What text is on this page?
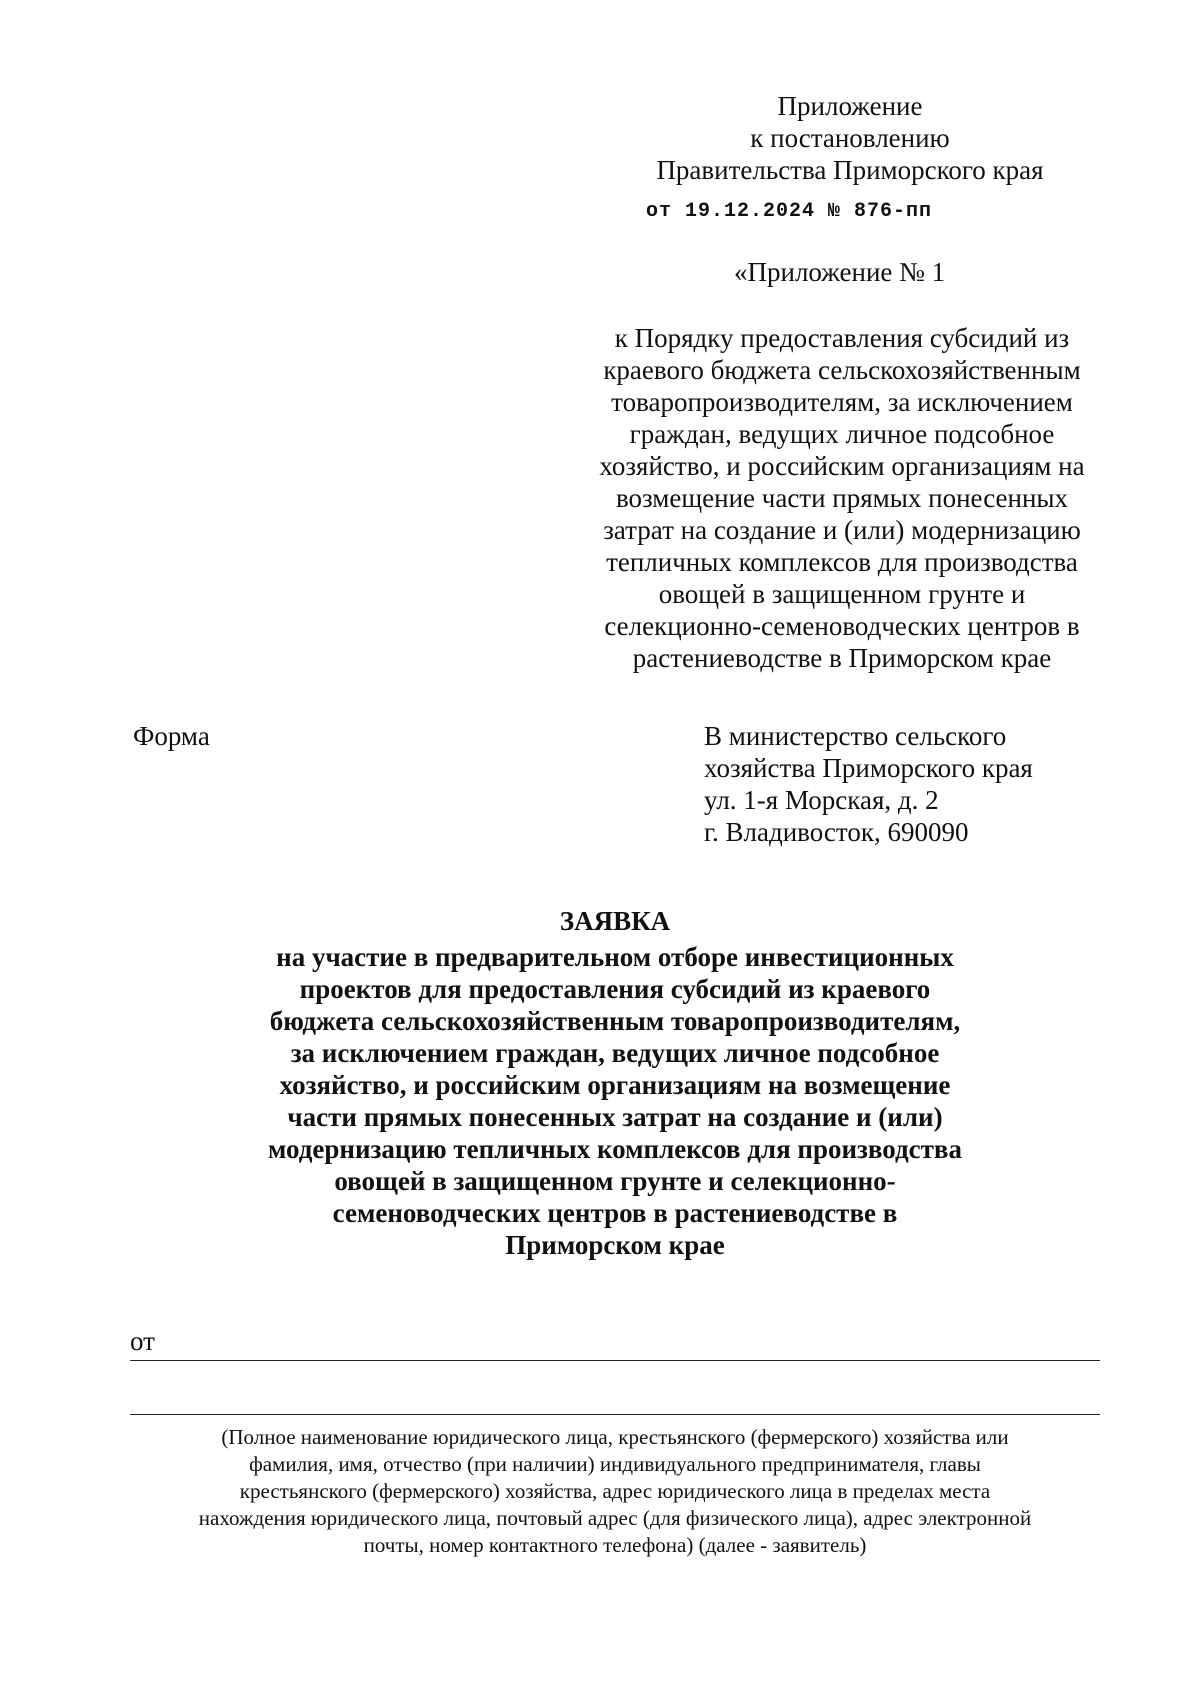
Приложение
к постановлению
Правительства Приморского края
от 19.12.2024 № 876-пп
«Приложение № 1
к Порядку предоставления субсидий из
краевого бюджета сельскохозяйственным
товаропроизводителям, за исключением
граждан, ведущих личное подсобное
хозяйство, и российским организациям на
возмещение части прямых понесенных
затрат на создание и (или) модернизацию
тепличных комплексов для производства
овощей в защищенном грунте и
селекционно-семеноводческих центров в
растениеводстве в Приморском крае
Форма	В министерство сельского
хозяйства Приморского края
ул. 1-я Морская, д. 2
г. Владивосток, 690090
ЗАЯВКА
на участие в предварительном отборе инвестиционных
проектов для предоставления субсидий из краевого
бюджета сельскохозяйственным товаропроизводителям,
за исключением граждан, ведущих личное подсобное
хозяйство, и российским организациям на возмещение
части прямых понесенных затрат на создание и (или)
модернизацию тепличных комплексов для производства
овощей в защищенном грунте и селекционно-
семеноводческих центров в растениеводстве в
Приморском крае
от
(Полное наименование юридического лица, крестьянского (фермерского) хозяйства или
фамилия, имя, отчество (при наличии) индивидуального предпринимателя, главы
крестьянского (фермерского) хозяйства, адрес юридического лица в пределах места
нахождения юридического лица, почтовый адрес (для физического лица), адрес электронной
почты, номер контактного телефона) (далее - заявитель)
